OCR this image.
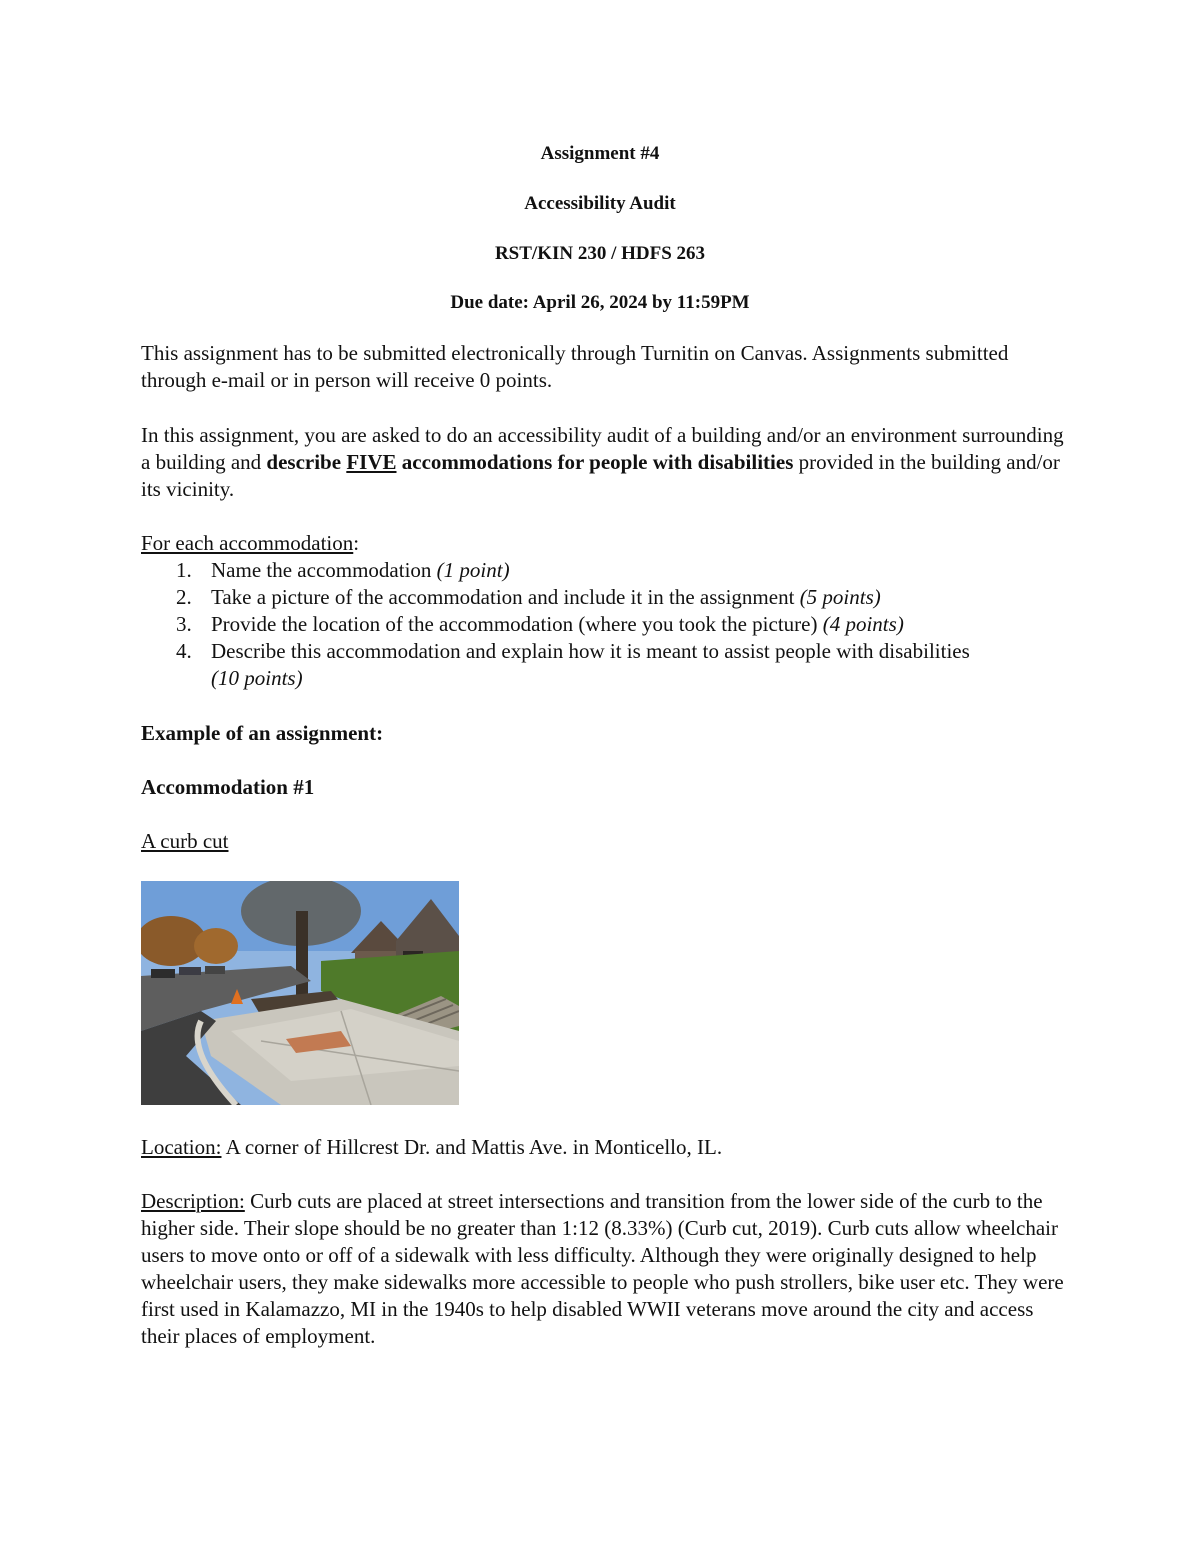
Assignment #4
Accessibility Audit
RST/KIN 230 / HDFS 263
Due date: April 26, 2024 by 11:59PM
This assignment has to be submitted electronically through Turnitin on Canvas. Assignments submitted through e-mail or in person will receive 0 points.
In this assignment, you are asked to do an accessibility audit of a building and/or an environment surrounding a building and describe FIVE accommodations for people with disabilities provided in the building and/or its vicinity.
For each accommodation:
1. Name the accommodation (1 point)
2. Take a picture of the accommodation and include it in the assignment (5 points)
3. Provide the location of the accommodation (where you took the picture) (4 points)
4. Describe this accommodation and explain how it is meant to assist people with disabilities (10 points)
Example of an assignment:
Accommodation #1
A curb cut
Location: A corner of Hillcrest Dr. and Mattis Ave. in Monticello, IL.
Description: Curb cuts are placed at street intersections and transition from the lower side of the curb to the higher side. Their slope should be no greater than 1:12 (8.33%) (Curb cut, 2019). Curb cuts allow wheelchair users to move onto or off of a sidewalk with less difficulty. Although they were originally designed to help wheelchair users, they make sidewalks more accessible to people who push strollers, bike user etc. They were first used in Kalamazzo, MI in the 1940s to help disabled WWII veterans move around the city and access their places of employment.
